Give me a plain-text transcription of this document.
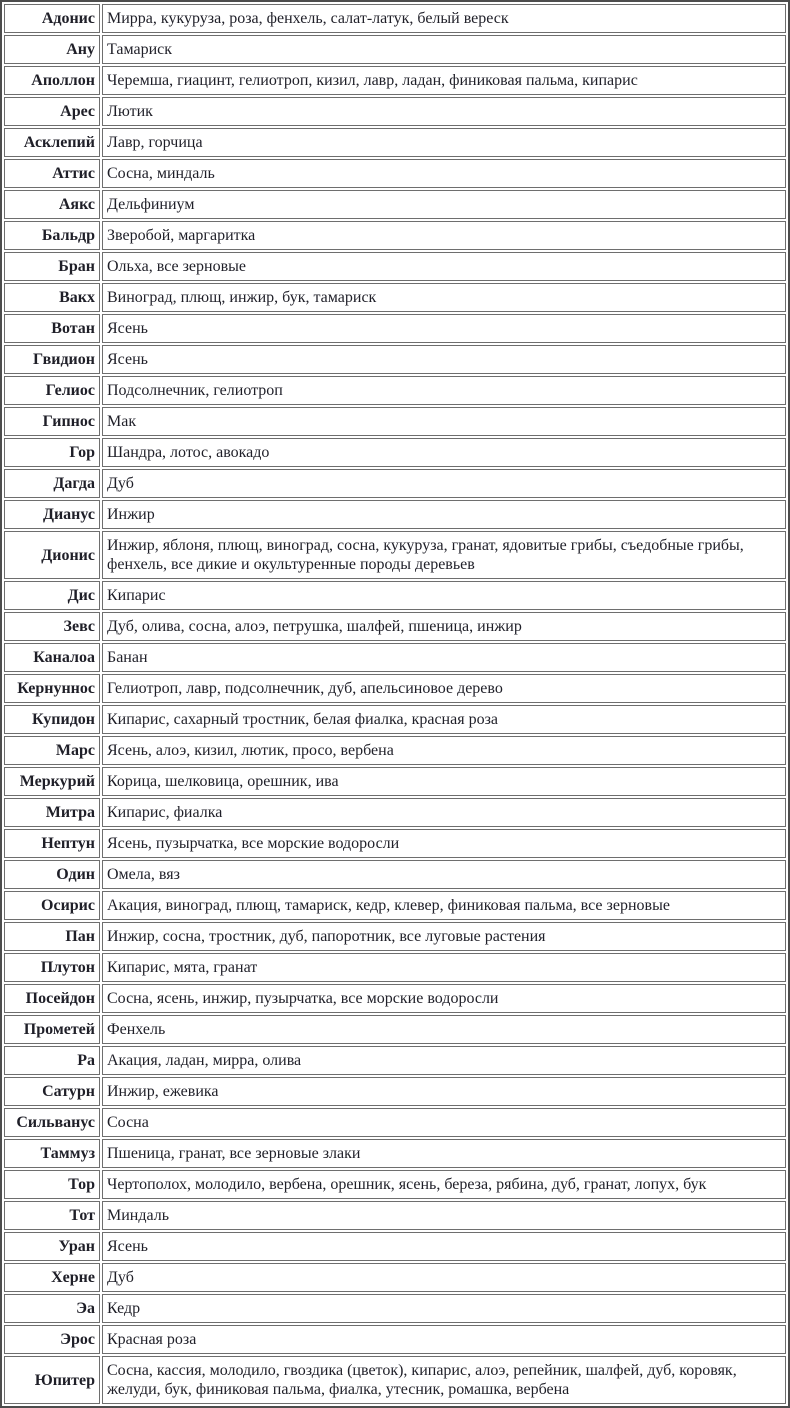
Адонис	Мирра, кукуруза, роза, фенхель, салат-латук, белый вереск
Ану	Тамариск
Аполлон	Черемша, гиацинт, гелиотроп, кизил, лавр, ладан, финиковая пальма, кипарис
Арес	Лютик
Асклепий	Лавр, горчица
Аттис	Сосна, миндаль
Аякс	Дельфиниум
Бальдр	Зверобой, маргаритка
Бран	Ольха, все зерновые
Вакх	Виноград, плющ, инжир, бук, тамариск
Вотан	Ясень
Гвидион	Ясень
Гелиос	Подсолнечник, гелиотроп
Гипнос	Мак
Гор	Шандра, лотос, авокадо
Дагда	Дуб
Дианус	Инжир
Дионис	Инжир, яблоня, плющ, виноград, сосна, кукуруза, гранат, ядовитые грибы, съедобные грибы, фенхель, все дикие и окультуренные породы деревьев
Дис	Кипарис
Зевс	Дуб, олива, сосна, алоэ, петрушка, шалфей, пшеница, инжир
Каналоа	Банан
Кернуннос	Гелиотроп, лавр, подсолнечник, дуб, апельсиновое дерево
Купидон	Кипарис, сахарный тростник, белая фиалка, красная роза
Марс	Ясень, алоэ, кизил, лютик, просо, вербена
Меркурий	Корица, шелковица, орешник, ива
Митра	Кипарис, фиалка
Нептун	Ясень, пузырчатка, все морские водоросли
Один	Омела, вяз
Осирис	Акация, виноград, плющ, тамариск, кедр, клевер, финиковая пальма, все зерновые
Пан	Инжир, сосна, тростник, дуб, папоротник, все луговые растения
Плутон	Кипарис, мята, гранат
Посейдон	Сосна, ясень, инжир, пузырчатка, все морские водоросли
Прометей	Фенхель
Ра	Акация, ладан, мирра, олива
Сатурн	Инжир, ежевика
Сильванус	Сосна
Таммуз	Пшеница, гранат, все зерновые злаки
Тор	Чертополох, молодило, вербена, орешник, ясень, береза, рябина, дуб, гранат, лопух, бук
Тот	Миндаль
Уран	Ясень
Херне	Дуб
Эа	Кедр
Эрос	Красная роза
Юпитер	Сосна, кассия, молодило, гвоздика (цветок), кипарис, алоэ, репейник, шалфей, дуб, коровяк, желуди, бук, финиковая пальма, фиалка, утесник, ромашка, вербена
